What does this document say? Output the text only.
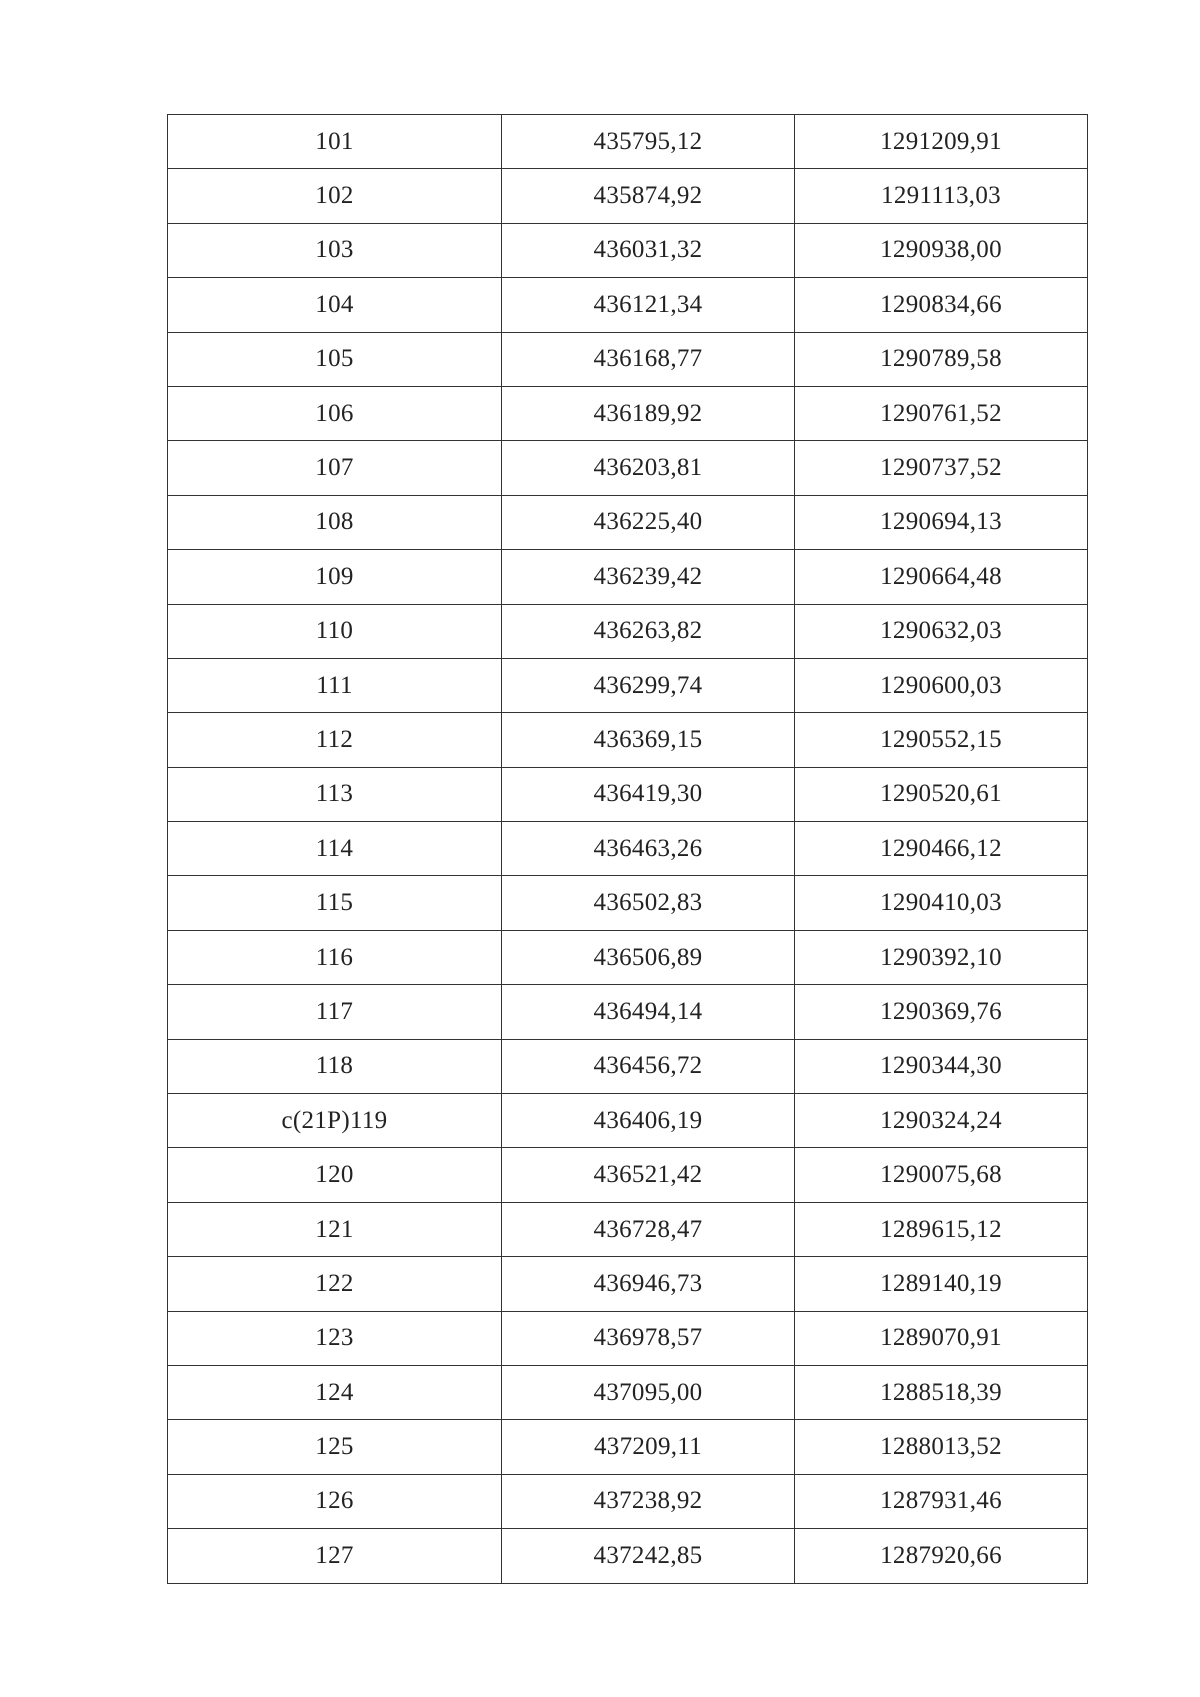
101	435795,12	1291209,91
102	435874,92	1291113,03
103	436031,32	1290938,00
104	436121,34	1290834,66
105	436168,77	1290789,58
106	436189,92	1290761,52
107	436203,81	1290737,52
108	436225,40	1290694,13
109	436239,42	1290664,48
110	436263,82	1290632,03
111	436299,74	1290600,03
112	436369,15	1290552,15
113	436419,30	1290520,61
114	436463,26	1290466,12
115	436502,83	1290410,03
116	436506,89	1290392,10
117	436494,14	1290369,76
118	436456,72	1290344,30
с(21Р)119	436406,19	1290324,24
120	436521,42	1290075,68
121	436728,47	1289615,12
122	436946,73	1289140,19
123	436978,57	1289070,91
124	437095,00	1288518,39
125	437209,11	1288013,52
126	437238,92	1287931,46
127	437242,85	1287920,66
